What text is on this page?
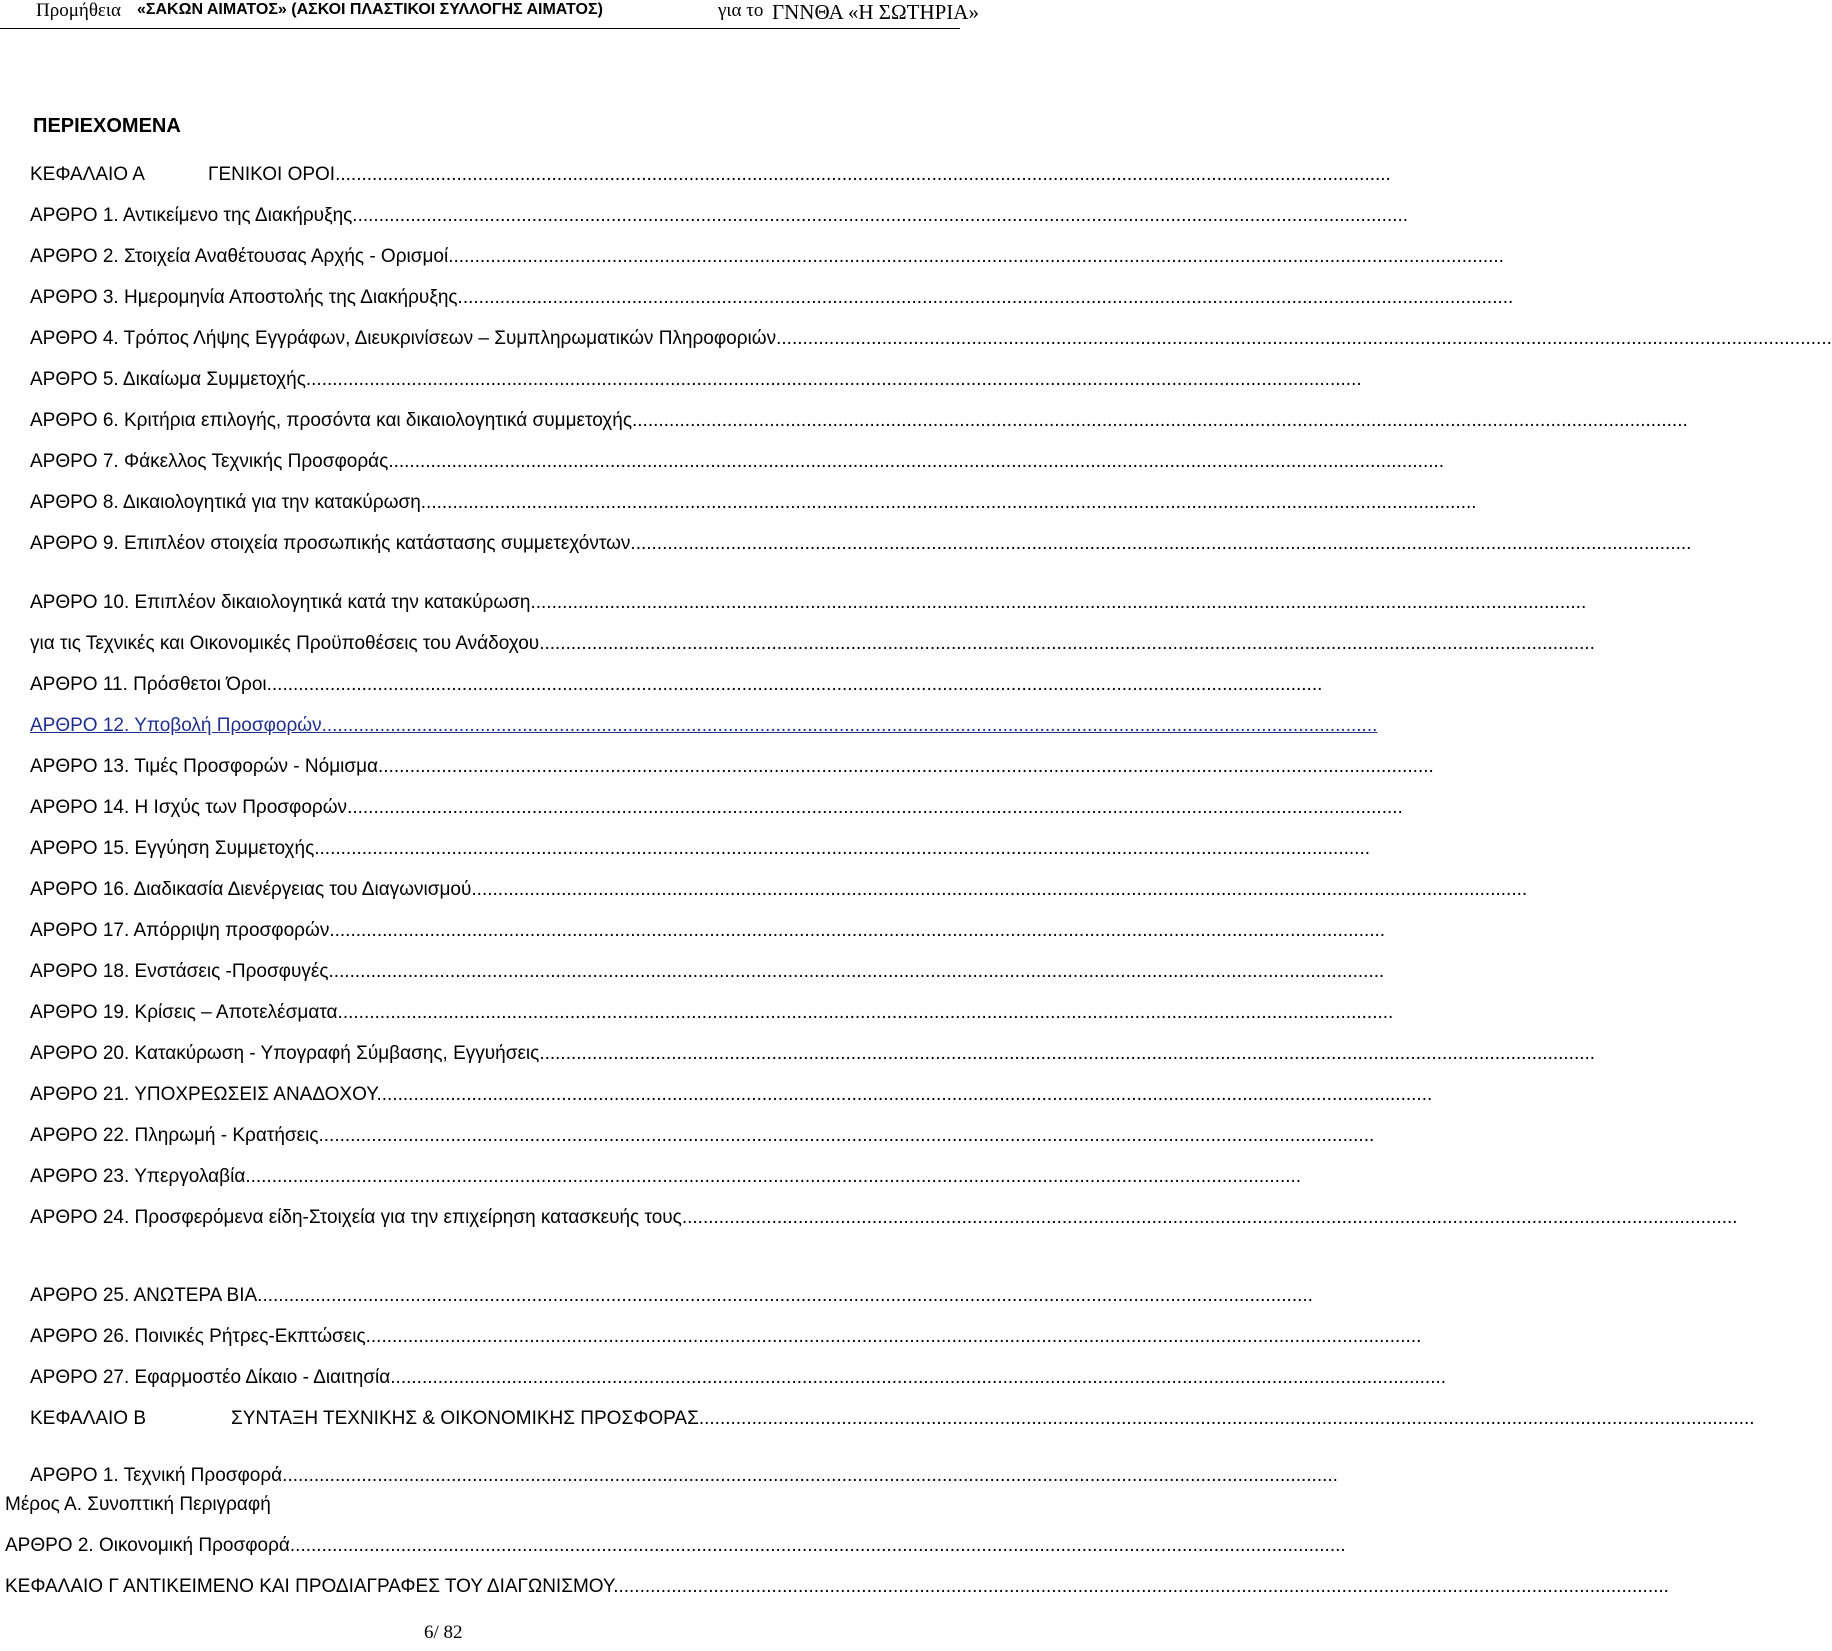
Προμήθεια «ΣΑΚΩΝ ΑΙΜΑΤΟΣ» (ΑΣΚΟΙ ΠΛΑΣΤΙΚΟΙ ΣΥΛΛΟΓΗΣ ΑΙΜΑΤΟΣ)	για το ΓΝΝΘΑ «Η ΣΩΤΗΡΙΑ»
ΠΕΡΙΕΧΟΜΕΝΑ
ΚΕΦΑΛΑΙΟ Α	ΓΕΝΙΚΟΙ ΟΡΟΙ........................................................................................................................................................................................................
ΑΡΘΡΟ 1. Αντικείμενο της Διακήρυξης........................................................................................................................................................................................................
ΑΡΘΡΟ 2. Στοιχεία Αναθέτουσας Αρχής - Ορισμοί........................................................................................................................................................................................................
ΑΡΘΡΟ 3. Ημερομηνία Αποστολής της Διακήρυξης........................................................................................................................................................................................................
ΑΡΘΡΟ 4. Τρόπος Λήψης Εγγράφων, Διευκρινίσεων – Συμπληρωματικών Πληροφοριών........................................................................................................................................................................................................
ΑΡΘΡΟ 5. Δικαίωμα Συμμετοχής........................................................................................................................................................................................................
ΑΡΘΡΟ 6. Κριτήρια επιλογής, προσόντα και δικαιολογητικά συμμετοχής........................................................................................................................................................................................................
ΑΡΘΡΟ 7. Φάκελλος Τεχνικής Προσφοράς........................................................................................................................................................................................................
ΑΡΘΡΟ 8. Δικαιολογητικά για την κατακύρωση........................................................................................................................................................................................................
ΑΡΘΡΟ 9. Επιπλέον στοιχεία προσωπικής κατάστασης συμμετεχόντων.........................................................................................................................................................................................................
ΑΡΘΡΟ 10. Επιπλέον δικαιολογητικά κατά την κατακύρωση........................................................................................................................................................................................................
για τις Τεχνικές και Οικονομικές Προϋποθέσεις του Ανάδοχου........................................................................................................................................................................................................
ΑΡΘΡΟ 11. Πρόσθετοι Όροι........................................................................................................................................................................................................
ΑΡΘΡΟ 12. Υποβολή Προσφορών........................................................................................................................................................................................................
ΑΡΘΡΟ 13. Τιμές Προσφορών - Νόμισμα........................................................................................................................................................................................................
ΑΡΘΡΟ 14. Η Ισχύς των Προσφορών........................................................................................................................................................................................................
ΑΡΘΡΟ 15. Εγγύηση Συμμετοχής........................................................................................................................................................................................................
ΑΡΘΡΟ 16. Διαδικασία Διενέργειας του Διαγωνισμού........................................................................................................................................................................................................
ΑΡΘΡΟ 17. Απόρριψη προσφορών........................................................................................................................................................................................................
ΑΡΘΡΟ 18. Ενστάσεις -Προσφυγές........................................................................................................................................................................................................
ΑΡΘΡΟ 19. Κρίσεις – Αποτελέσματα........................................................................................................................................................................................................
ΑΡΘΡΟ 20. Κατακύρωση - Υπογραφή Σύμβασης, Εγγυήσεις........................................................................................................................................................................................................
ΑΡΘΡΟ 21. ΥΠΟΧΡΕΩΣΕΙΣ ΑΝΑΔΟΧΟΥ........................................................................................................................................................................................................
ΑΡΘΡΟ 22. Πληρωμή - Κρατήσεις........................................................................................................................................................................................................
ΑΡΘΡΟ 23. Υπεργολαβία........................................................................................................................................................................................................
ΑΡΘΡΟ 24. Προσφερόμενα είδη-Στοιχεία για την επιχείρηση κατασκευής τους........................................................................................................................................................................................................
ΑΡΘΡΟ 25. ΑΝΩΤΕΡΑ ΒΙΑ........................................................................................................................................................................................................
ΑΡΘΡΟ 26. Ποινικές Ρήτρες-Εκπτώσεις........................................................................................................................................................................................................
ΑΡΘΡΟ 27. Εφαρμοστέο Δίκαιο - Διαιτησία........................................................................................................................................................................................................
ΚΕΦΑΛΑΙΟ Β	ΣΥΝΤΑΞΗ ΤΕΧΝΙΚΗΣ & ΟΙΚΟΝΟΜΙΚΗΣ ΠΡΟΣΦΟΡΑΣ........................................................................................................................................................................................................
ΑΡΘΡΟ 1. Τεχνική Προσφορά........................................................................................................................................................................................................
Μέρος Α. Συνοπτική Περιγραφή
ΑΡΘΡΟ 2. Οικονομική Προσφορά........................................................................................................................................................................................................
ΚΕΦΑΛΑΙΟ Γ ΑΝΤΙΚΕΙΜΕΝΟ ΚΑΙ ΠΡΟΔΙΑΓΡΑΦΕΣ ΤΟΥ ΔΙΑΓΩΝΙΣΜΟΥ........................................................................................................................................................................................................
6/ 82
